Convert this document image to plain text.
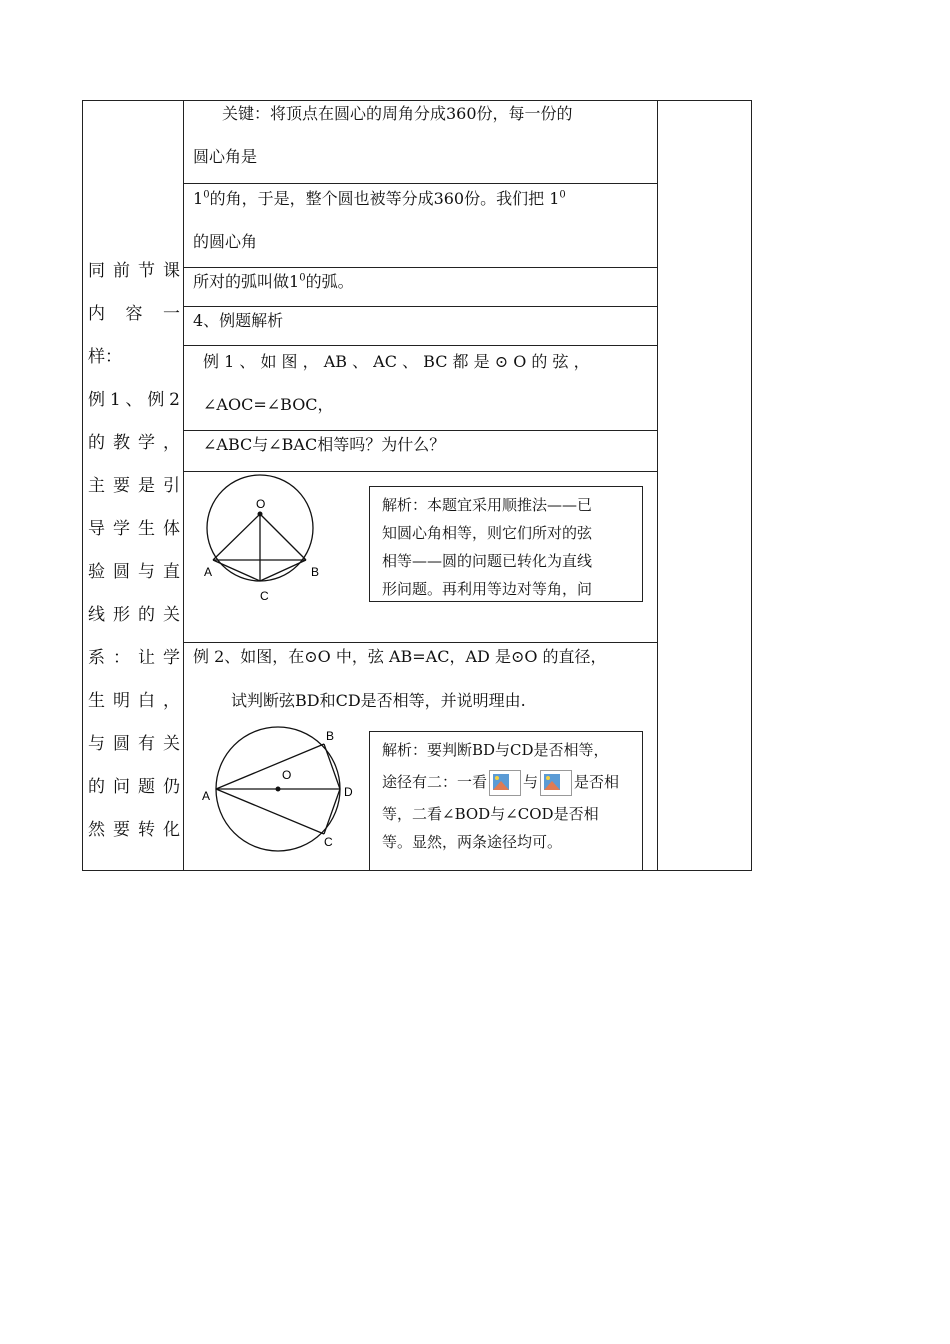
同前节课
内 容 一
样：
例1、例2
的教学，
主要是引
导学生体
验圆与直
线形的关
系：让学
生明白，
与圆有关
的问题仍
然要转化
关键：将顶点在圆心的周角分成360份，每一份的
圆心角是
$1^0$的角，于是，整个圆也被等分成360份。我们把 $1^0$
的圆心角
所对的弧叫做$1^0$的弧。
4、例题解析
例 1 、 如 图 ， AB 、 AC 、 BC 都 是 ⊙ O 的 弦 ，
∠AOC=∠BOC，
∠ABC与∠BAC相等吗？为什么？
O
A	B
C
解析：本题宜采用顺推法——已
知圆心角相等，则它们所对的弦
相等——圆的问题已转化为直线
形问题。再利用等边对等角，问
例 2、如图，在⊙O 中，弦 AB=AC，AD 是⊙O 的直径，
试判断弦BD和CD是否相等，并说明理由.
O
A
B
C
D
解析：要判断BD与CD是否相等，
途径有二：一看 与 是否相
等，二看∠BOD与∠COD是否相
等。显然，两条途径均可。
